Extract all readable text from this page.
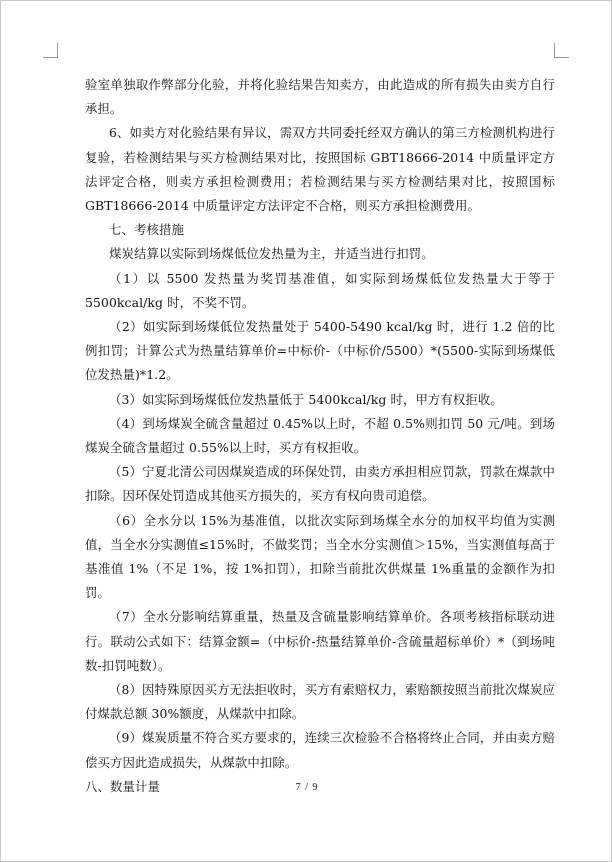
验室单独取作弊部分化验，并将化验结果告知卖方，由此造成的所有损失由卖方自行承担。

6、如卖方对化验结果有异议，需双方共同委托经双方确认的第三方检测机构进行复验，若检测结果与买方检测结果对比，按照国标 GBT18666-2014 中质量评定方法评定合格，则卖方承担检测费用；若检测结果与买方检测结果对比，按照国标 GBT18666-2014 中质量评定方法评定不合格，则买方承担检测费用。

七、考核措施

煤炭结算以实际到场煤低位发热量为主，并适当进行扣罚。

（1）以 5500 发热量为奖罚基准值，如实际到场煤低位发热量大于等于 5500kcal/kg 时，不奖不罚。

（2）如实际到场煤低位发热量处于 5400-5490 kcal/kg 时，进行 1.2 倍的比例扣罚；计算公式为热量结算单价=中标价-（中标价/5500）*(5500-实际到场煤低位发热量)*1.2。

（3）如实际到场煤低位发热量低于 5400kcal/kg 时，甲方有权拒收。

（4）到场煤炭全硫含量超过 0.45%以上时，不超 0.5%则扣罚 50 元/吨。到场煤炭全硫含量超过 0.55%以上时，买方有权拒收。

（5）宁夏北清公司因煤炭造成的环保处罚，由卖方承担相应罚款，罚款在煤款中扣除。因环保处罚造成其他买方损失的，买方有权向贵司追偿。

（6）全水分以 15%为基准值，以批次实际到场煤全水分的加权平均值为实测值，当全水分实测值≤15%时，不做奖罚；当全水分实测值＞15%，当实测值每高于基准值 1%（不足 1%，按 1%扣罚），扣除当前批次供煤量 1%重量的金额作为扣罚。

（7）全水分影响结算重量，热量及含硫量影响结算单价。各项考核指标联动进行。联动公式如下：结算金额=（中标价-热量结算单价-含硫量超标单价）*（到场吨数-扣罚吨数）。

（8）因特殊原因买方无法拒收时，买方有索赔权力，索赔额按照当前批次煤炭应付煤款总额 30%额度，从煤款中扣除。

（9）煤炭质量不符合买方要求的，连续三次检验不合格将终止合同，并由卖方赔偿买方因此造成损失，从煤款中扣除。

八、数量计量	7 / 9
